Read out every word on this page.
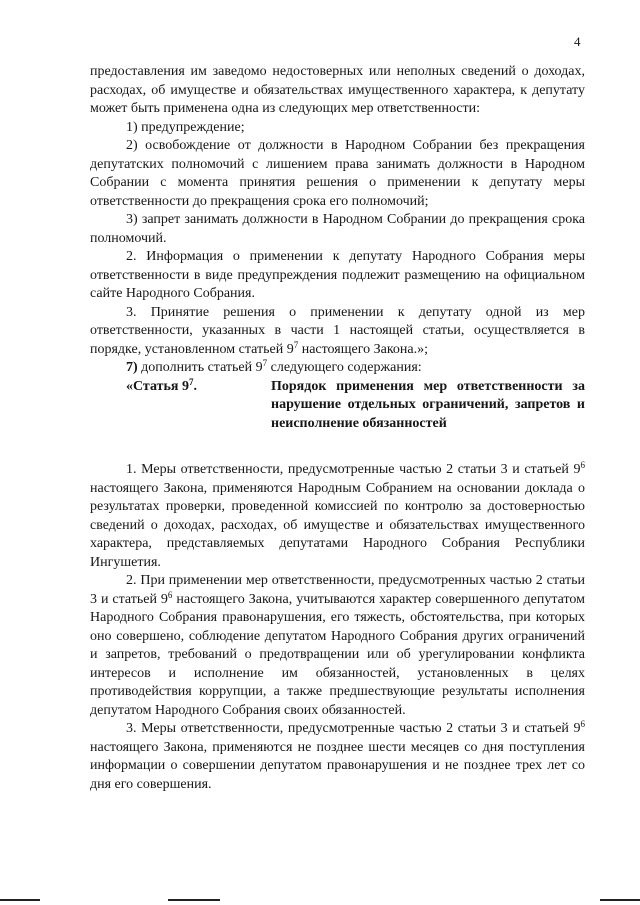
4

предоставления им заведомо недостоверных или неполных сведений о доходах, расходах, об имуществе и обязательствах имущественного характера, к депутату может быть применена одна из следующих мер ответственности:

1) предупреждение;

2) освобождение от должности в Народном Собрании без прекращения депутатских полномочий с лишением права занимать должности в Народном Собрании с момента принятия решения о применении к депутату меры ответственности до прекращения срока его полномочий;

3) запрет занимать должности в Народном Собрании до прекращения срока полномочий.

2. Информация о применении к депутату Народного Собрания меры ответственности в виде предупреждения подлежит размещению на официальном сайте Народного Собрания.

3. Принятие решения о применении к депутату одной из мер ответственности, указанных в части 1 настоящей статьи, осуществляется в порядке, установленном статьей $9^7$ настоящего Закона.»;

7) дополнить статьей $9^7$ следующего содержания:

«Статья $9^7$.	Порядок применения мер ответственности за нарушение отдельных ограничений, запретов и неисполнение обязанностей

1. Меры ответственности, предусмотренные частью 2 статьи 3 и статьей $9^6$ настоящего Закона, применяются Народным Собранием на основании доклада о результатах проверки, проведенной комиссией по контролю за достоверностью сведений о доходах, расходах, об имуществе и обязательствах имущественного характера, представляемых депутатами Народного Собрания Республики Ингушетия.

2. При применении мер ответственности, предусмотренных частью 2 статьи 3 и статьей $9^6$ настоящего Закона, учитываются характер совершенного депутатом Народного Собрания правонарушения, его тяжесть, обстоятельства, при которых оно совершено, соблюдение депутатом Народного Собрания других ограничений и запретов, требований о предотвращении или об урегулировании конфликта интересов и исполнение им обязанностей, установленных в целях противодействия коррупции, а также предшествующие результаты исполнения депутатом Народного Собрания своих обязанностей.

3. Меры ответственности, предусмотренные частью 2 статьи 3 и статьей $9^6$ настоящего Закона, применяются не позднее шести месяцев со дня поступления информации о совершении депутатом правонарушения и не позднее трех лет со дня его совершения.
